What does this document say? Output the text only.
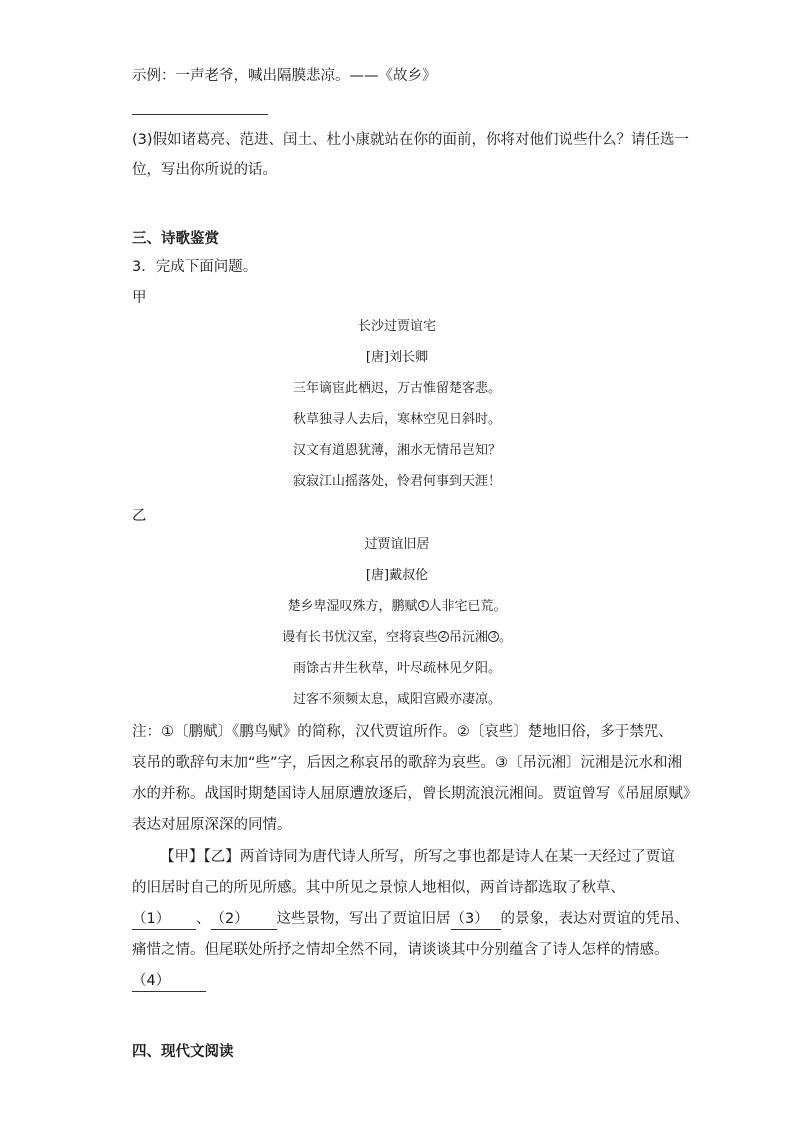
示例：一声老爷，喊出隔膜悲凉。——《故乡》
(3)假如诸葛亮、范进、闰土、杜小康就站在你的面前，你将对他们说些什么？请任选一
位，写出你所说的话。
三、诗歌鉴赏
3．完成下面问题。
甲
长沙过贾谊宅
[唐]刘长卿
三年谪宦此栖迟，万古惟留楚客悲。
秋草独寻人去后，寒林空见日斜时。
汉文有道恩犹薄，湘水无情吊岂知？
寂寂江山摇落处，怜君何事到天涯！
乙
过贾谊旧居
[唐]戴叔伦
楚乡卑湿叹殊方，鹏赋 1 人非宅已荒。
谩有长书忧汉室，空将哀些 2 吊沅湘 3 。
雨馀古井生秋草，叶尽疏林见夕阳。
过客不须频太息，咸阳宫殿亦凄凉。
注：①〔鹏赋〕《鹏鸟赋》的简称，汉代贾谊所作。②〔哀些〕楚地旧俗，多于禁咒、
哀吊的歌辞句末加“些”字，后因之称哀吊的歌辞为哀些。③〔吊沅湘〕沅湘是沅水和湘
水的并称。战国时期楚国诗人屈原遭放逐后，曾长期流浪沅湘间。贾谊曾写《吊屈原赋》
表达对屈原深深的同情。
【甲】【乙】两首诗同为唐代诗人所写，所写之事也都是诗人在某一天经过了贾谊
的旧居时自己的所见所感。其中所见之景惊人地相似，两首诗都选取了秋草、
（1） 、（2） 这些景物，写出了贾谊旧居（3） 的景象，表达对贾谊的凭吊、
痛惜之情。但尾联处所抒之情却全然不同，请谈谈其中分别蕴含了诗人怎样的情感。
（4）
四、现代文阅读
